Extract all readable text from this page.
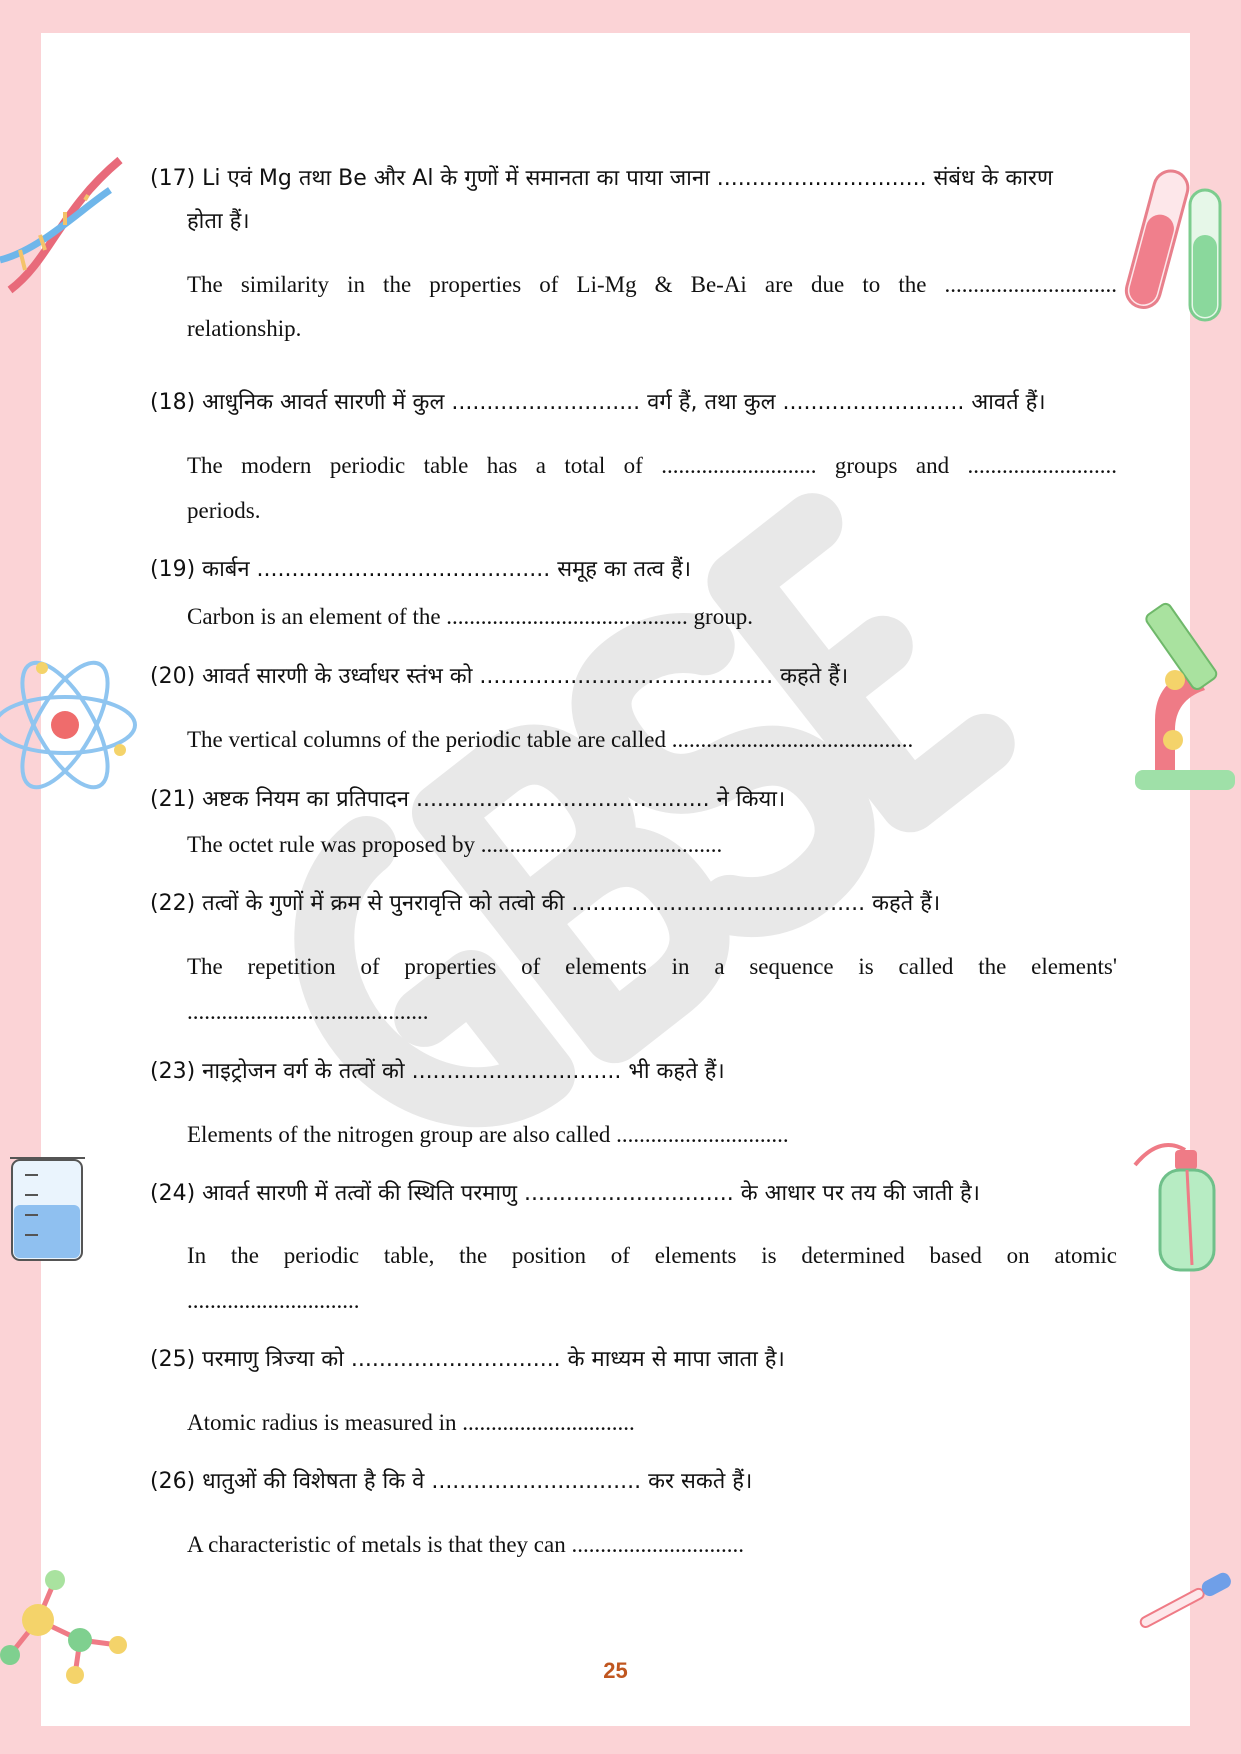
(17) Li एवं Mg तथा Be और Al के गुणों में समानता का पाया जाना .............................. संबंध के कारण
होता हैं।
The similarity in the properties of Li-Mg & Be-Ai are due to the ..............................
relationship.
(18) आधुनिक आवर्त सारणी में कुल ........................... वर्ग हैं, तथा कुल .......................... आवर्त हैं।
The modern periodic table has a total of ........................... groups and ..........................
periods.
(19) कार्बन .......................................... समूह का तत्व हैं।
Carbon is an element of the .......................................... group.
(20) आवर्त सारणी के उर्ध्वाधर स्तंभ को .......................................... कहते हैं।
The vertical columns of the periodic table are called ..........................................
(21) अष्टक नियम का प्रतिपादन .......................................... ने किया।
The octet rule was proposed by ..........................................
(22) तत्वों के गुणों में क्रम से पुनरावृत्ति को तत्वो की .......................................... कहते हैं।
The repetition of properties of elements in a sequence is called the elements'
..........................................
(23) नाइट्रोजन वर्ग के तत्वों को .............................. भी कहते हैं।
Elements of the nitrogen group are also called ..............................
(24) आवर्त सारणी में तत्वों की स्थिति परमाणु .............................. के आधार पर तय की जाती है।
In the periodic table, the position of elements is determined based on atomic
..............................
(25) परमाणु त्रिज्या को .............................. के माध्यम से मापा जाता है।
Atomic radius is measured in ..............................
(26) धातुओं की विशेषता है कि वे .............................. कर सकते हैं।
A characteristic of metals is that they can ..............................
25
